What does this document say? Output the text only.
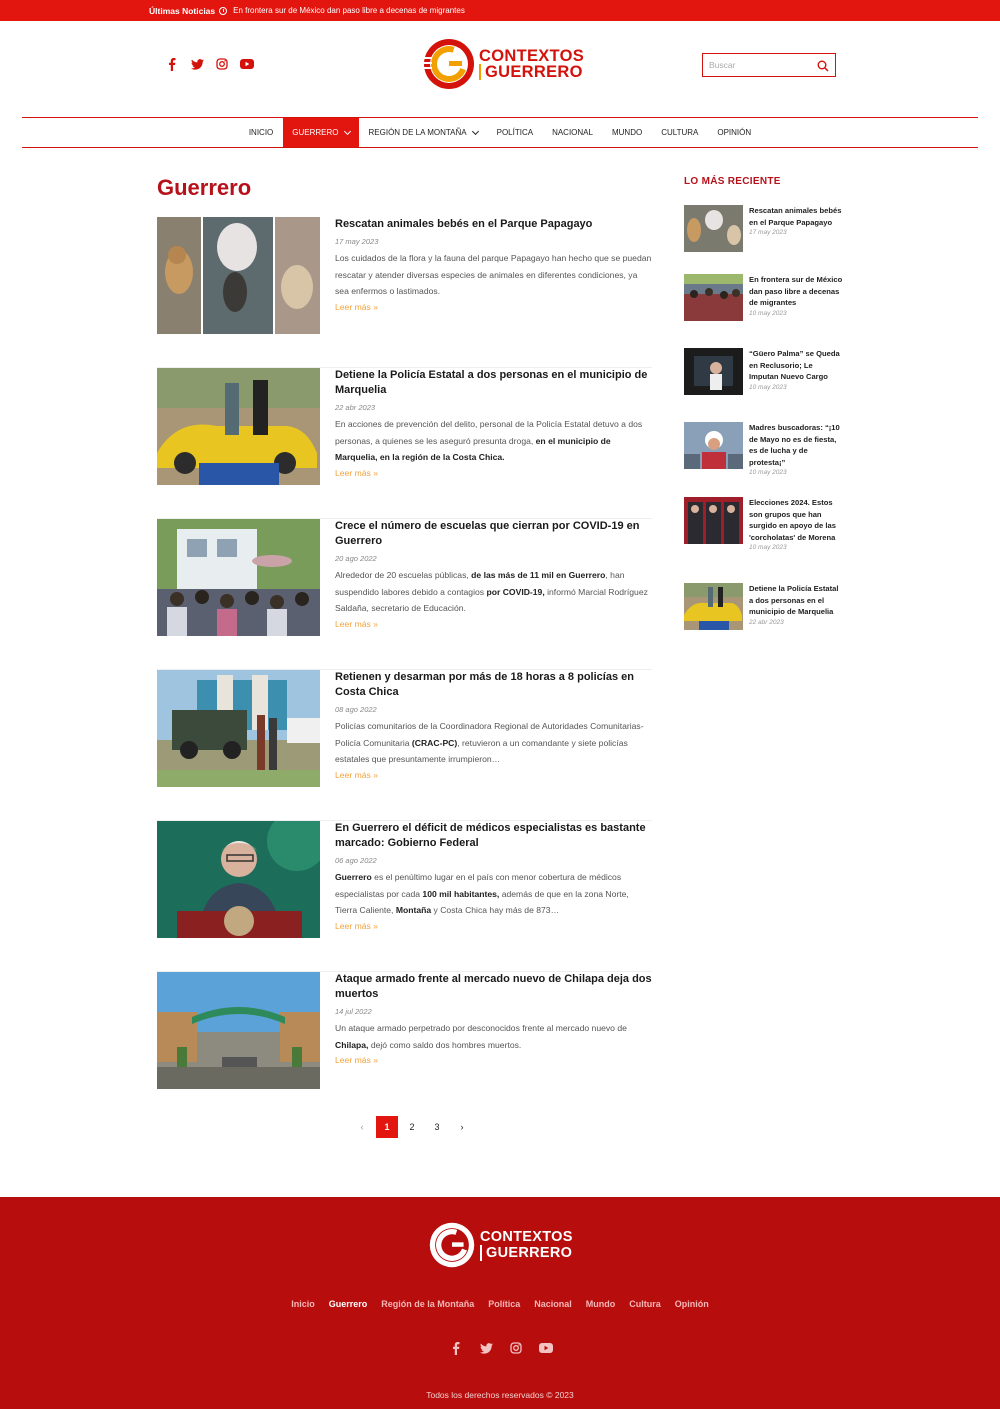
Últimas Noticias En frontera sur de México dan paso libre a decenas de migrantes
CONTEXTOS
GUERRERO
Buscar
INICIO GUERRERO	REGIÓN DE LA MONTAÑA	POLÍTICA NACIONAL MUNDO CULTURA OPINIÓN
Guerrero
Rescatan animales bebés en el Parque Papagayo
17 may 2023
Los cuidados de la flora y la fauna del parque Papagayo han hecho que se puedan rescatar y atender diversas especies de animales en diferentes condiciones, ya sea enfermos o lastimados.
Leer más »
Detiene la Policía Estatal a dos personas en el municipio de Marquelia
22 abr 2023
En acciones de prevención del delito, personal de la Policía Estatal detuvo a dos personas, a quienes se les aseguró presunta droga, en el municipio de Marquelia, en la región de la Costa Chica.
Leer más »
Crece el número de escuelas que cierran por COVID-19 en Guerrero
20 ago 2022
Alrededor de 20 escuelas públicas, de las más de 11 mil en Guerrero, han suspendido labores debido a contagios por COVID-19, informó Marcial Rodríguez Saldaña, secretario de Educación.
Leer más »
Retienen y desarman por más de 18 horas a 8 policías en Costa Chica
08 ago 2022
Policías comunitarios de la Coordinadora Regional de Autoridades Comunitarias-Policía Comunitaria (CRAC-PC), retuvieron a un comandante y siete policías estatales que presuntamente irrumpieron…
Leer más »
En Guerrero el déficit de médicos especialistas es bastante marcado: Gobierno Federal
06 ago 2022
Guerrero es el penúltimo lugar en el país con menor cobertura de médicos especialistas por cada 100 mil habitantes, además de que en la zona Norte, Tierra Caliente, Montaña y Costa Chica hay más de 873…
Leer más »
Ataque armado frente al mercado nuevo de Chilapa deja dos muertos
14 jul 2022
Un ataque armado perpetrado por desconocidos frente al mercado nuevo de Chilapa, dejó como saldo dos hombres muertos.
Leer más »
‹	1	2	3	›
LO MÁS RECIENTE
Rescatan animales bebés en el Parque Papagayo
17 may 2023
En frontera sur de México dan paso libre a decenas de migrantes
10 may 2023
“Güero Palma” se Queda en Reclusorio; Le Imputan Nuevo Cargo
10 may 2023
Madres buscadoras: “¡10 de Mayo no es de fiesta, es de lucha y de protesta¡”
10 may 2023
Elecciones 2024. Estos son grupos que han surgido en apoyo de las 'corcholatas' de Morena
10 may 2023
Detiene la Policía Estatal a dos personas en el municipio de Marquelia
22 abr 2023
CONTEXTOS
GUERRERO
Inicio Guerrero Región de la Montaña Política Nacional Mundo Cultura Opinión
Todos los derechos reservados © 2023
